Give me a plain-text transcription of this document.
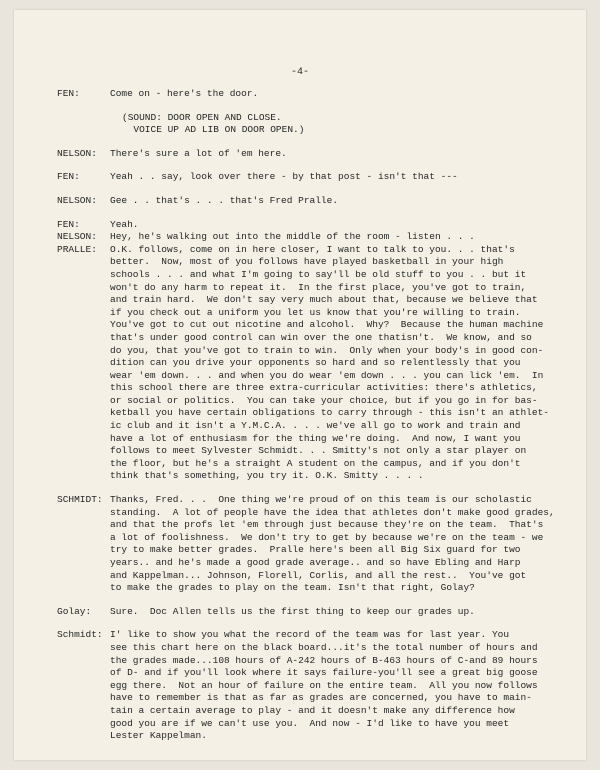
-4-
FEN:	Come on - here's the door.
(SOUND: DOOR OPEN AND CLOSE.
VOICE UP AD LIB ON DOOR OPEN.)
NELSON: There's sure a lot of 'em here.
FEN:	Yeah . . say, look over there - by that post - isn't that ---
NELSON: Gee . . that's . . . that's Fred Pralle.
FEN:	Yeah.
NELSON: Hey, he's walking out into the middle of the room - listen . . .
PRALLE: O.K. follows, come on in here closer, I want to talk to you. . . that's
better.  Now, most of you follows have played basketball in your high
schools . . . and what I'm going to say'll be old stuff to you . . but it
won't do any harm to repeat it.  In the first place, you've got to train,
and train hard.  We don't say very much about that, because we believe that
if you check out a uniform you let us know that you're willing to train.
You've got to cut out nicotine and alcohol.  Why?  Because the human machine
that's under good control can win over the one thatisn't.  We know, and so
do you, that you've got to train to win.  Only when your body's in good con-
dition can you drive your opponents so hard and so relentlessly that you
wear 'em down. . . and when you do wear 'em down . . . you can lick 'em.  In
this school there are three extra-curricular activities: there's athletics,
or social or politics.  You can take your choice, but if you go in for bas-
ketball you have certain obligations to carry through - this isn't an athlet-
ic club and it isn't a Y.M.C.A. . . . we've all go to work and train and
have a lot of enthusiasm for the thing we're doing.  And now, I want you
follows to meet Sylvester Schmidt. . . Smitty's not only a star player on
the floor, but he's a straight A student on the campus, and if you don't
think that's something, you try it. O.K. Smitty . . . .
SCHMIDT: Thanks, Fred. . .  One thing we're proud of on this team is our scholastic
standing.  A lot of people have the idea that athletes don't make good grades,
and that the profs let 'em through just because they're on the team.  That's
a lot of foolishness.  We don't try to get by because we're on the team - we
try to make better grades.  Pralle here's been all Big Six guard for two
years.. and he's made a good grade average.. and so have Ebling and Harp
and Kappelman... Johnson, Florell, Corlis, and all the rest..  You've got
to make the grades to play on the team. Isn't that right, Golay?
Golay: Sure.  Doc Allen tells us the first thing to keep our grades up.
Schmidt: I' like to show you what the record of the team was for last year. You
see this chart here on the black board...it's the total number of hours and
the grades made...108 hours of A-242 hours of B-463 hours of C-and 89 hours
of D- and if you'll look where it says failure-you'll see a great big goose
egg there.  Not an hour of failure on the entire team.  All you now follows
have to remember is that as far as grades are concerned, you have to main-
tain a certain average to play - and it doesn't make any difference how
good you are if we can't use you.  And now - I'd like to have you meet
Lester Kappelman.
